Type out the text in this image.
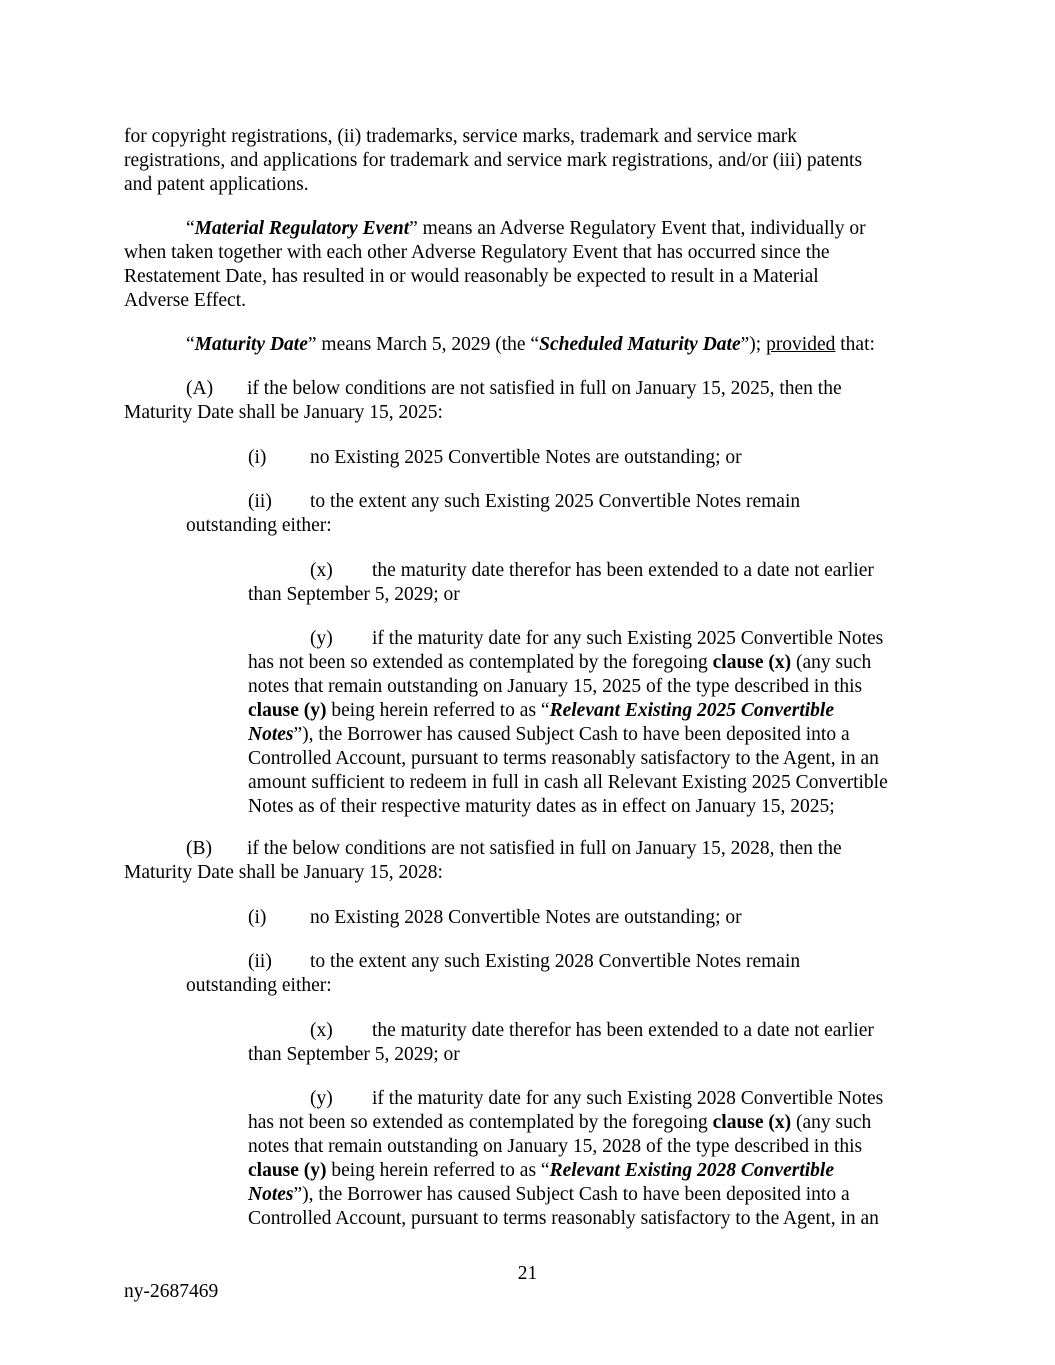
for copyright registrations, (ii) trademarks, service marks, trademark and service mark
registrations, and applications for trademark and service mark registrations, and/or (iii) patents
and patent applications.
“Material Regulatory Event” means an Adverse Regulatory Event that, individually or
when taken together with each other Adverse Regulatory Event that has occurred since the
Restatement Date, has resulted in or would reasonably be expected to result in a Material
Adverse Effect.
“Maturity Date” means March 5, 2029 (the “Scheduled Maturity Date”); provided that:
(A) if the below conditions are not satisfied in full on January 15, 2025, then the
Maturity Date shall be January 15, 2025:
(i) no Existing 2025 Convertible Notes are outstanding; or
(ii) to the extent any such Existing 2025 Convertible Notes remain
outstanding either:
(x) the maturity date therefor has been extended to a date not earlier
than September 5, 2029; or
(y) if the maturity date for any such Existing 2025 Convertible Notes
has not been so extended as contemplated by the foregoing clause (x) (any such
notes that remain outstanding on January 15, 2025 of the type described in this
clause (y) being herein referred to as “Relevant Existing 2025 Convertible
Notes”), the Borrower has caused Subject Cash to have been deposited into a
Controlled Account, pursuant to terms reasonably satisfactory to the Agent, in an
amount sufficient to redeem in full in cash all Relevant Existing 2025 Convertible
Notes as of their respective maturity dates as in effect on January 15, 2025;
(B) if the below conditions are not satisfied in full on January 15, 2028, then the
Maturity Date shall be January 15, 2028:
(i) no Existing 2028 Convertible Notes are outstanding; or
(ii) to the extent any such Existing 2028 Convertible Notes remain
outstanding either:
(x) the maturity date therefor has been extended to a date not earlier
than September 5, 2029; or
(y) if the maturity date for any such Existing 2028 Convertible Notes
has not been so extended as contemplated by the foregoing clause (x) (any such
notes that remain outstanding on January 15, 2028 of the type described in this
clause (y) being herein referred to as “Relevant Existing 2028 Convertible
Notes”), the Borrower has caused Subject Cash to have been deposited into a
Controlled Account, pursuant to terms reasonably satisfactory to the Agent, in an
21
ny-2687469
